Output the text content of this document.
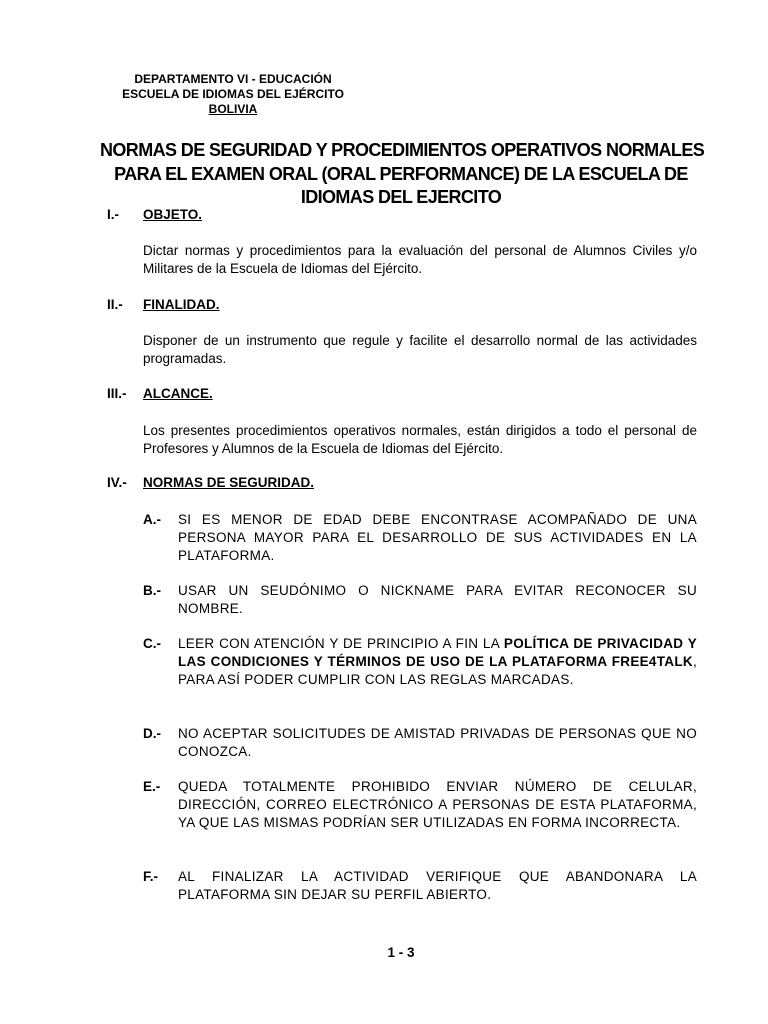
DEPARTAMENTO VI - EDUCACIÓN
ESCUELA DE IDIOMAS DEL EJÉRCITO
BOLIVIA
NORMAS DE SEGURIDAD Y PROCEDIMIENTOS OPERATIVOS NORMALES
PARA EL EXAMEN ORAL (ORAL PERFORMANCE) DE LA ESCUELA DE
IDIOMAS DEL EJERCITO
I.- OBJETO.
Dictar normas y procedimientos para la evaluación del personal de Alumnos Civiles y/o Militares de la Escuela de Idiomas del Ejército.
II.- FINALIDAD.
Disponer de un instrumento que regule y facilite el desarrollo normal de las actividades programadas.
III.- ALCANCE.
Los presentes procedimientos operativos normales, están dirigidos a todo el personal de Profesores y Alumnos de la Escuela de Idiomas del Ejército.
IV.- NORMAS DE SEGURIDAD.
A.- SI ES MENOR DE EDAD DEBE ENCONTRASE ACOMPAÑADO DE UNA PERSONA MAYOR PARA EL DESARROLLO DE SUS ACTIVIDADES EN LA PLATAFORMA.
B.- USAR UN SEUDÓNIMO O NICKNAME PARA EVITAR RECONOCER SU NOMBRE.
C.- LEER CON ATENCIÓN Y DE PRINCIPIO A FIN LA POLÍTICA DE PRIVACIDAD Y LAS CONDICIONES Y TÉRMINOS DE USO DE LA PLATAFORMA FREE4TALK, PARA ASÍ PODER CUMPLIR CON LAS REGLAS MARCADAS.
D.- NO ACEPTAR SOLICITUDES DE AMISTAD PRIVADAS DE PERSONAS QUE NO CONOZCA.
E.- QUEDA TOTALMENTE PROHIBIDO ENVIAR NÚMERO DE CELULAR, DIRECCIÓN, CORREO ELECTRÓNICO A PERSONAS DE ESTA PLATAFORMA, YA QUE LAS MISMAS PODRÍAN SER UTILIZADAS EN FORMA INCORRECTA.
F.- AL FINALIZAR LA ACTIVIDAD VERIFIQUE QUE ABANDONARA LA PLATAFORMA SIN DEJAR SU PERFIL ABIERTO.
1 - 3
